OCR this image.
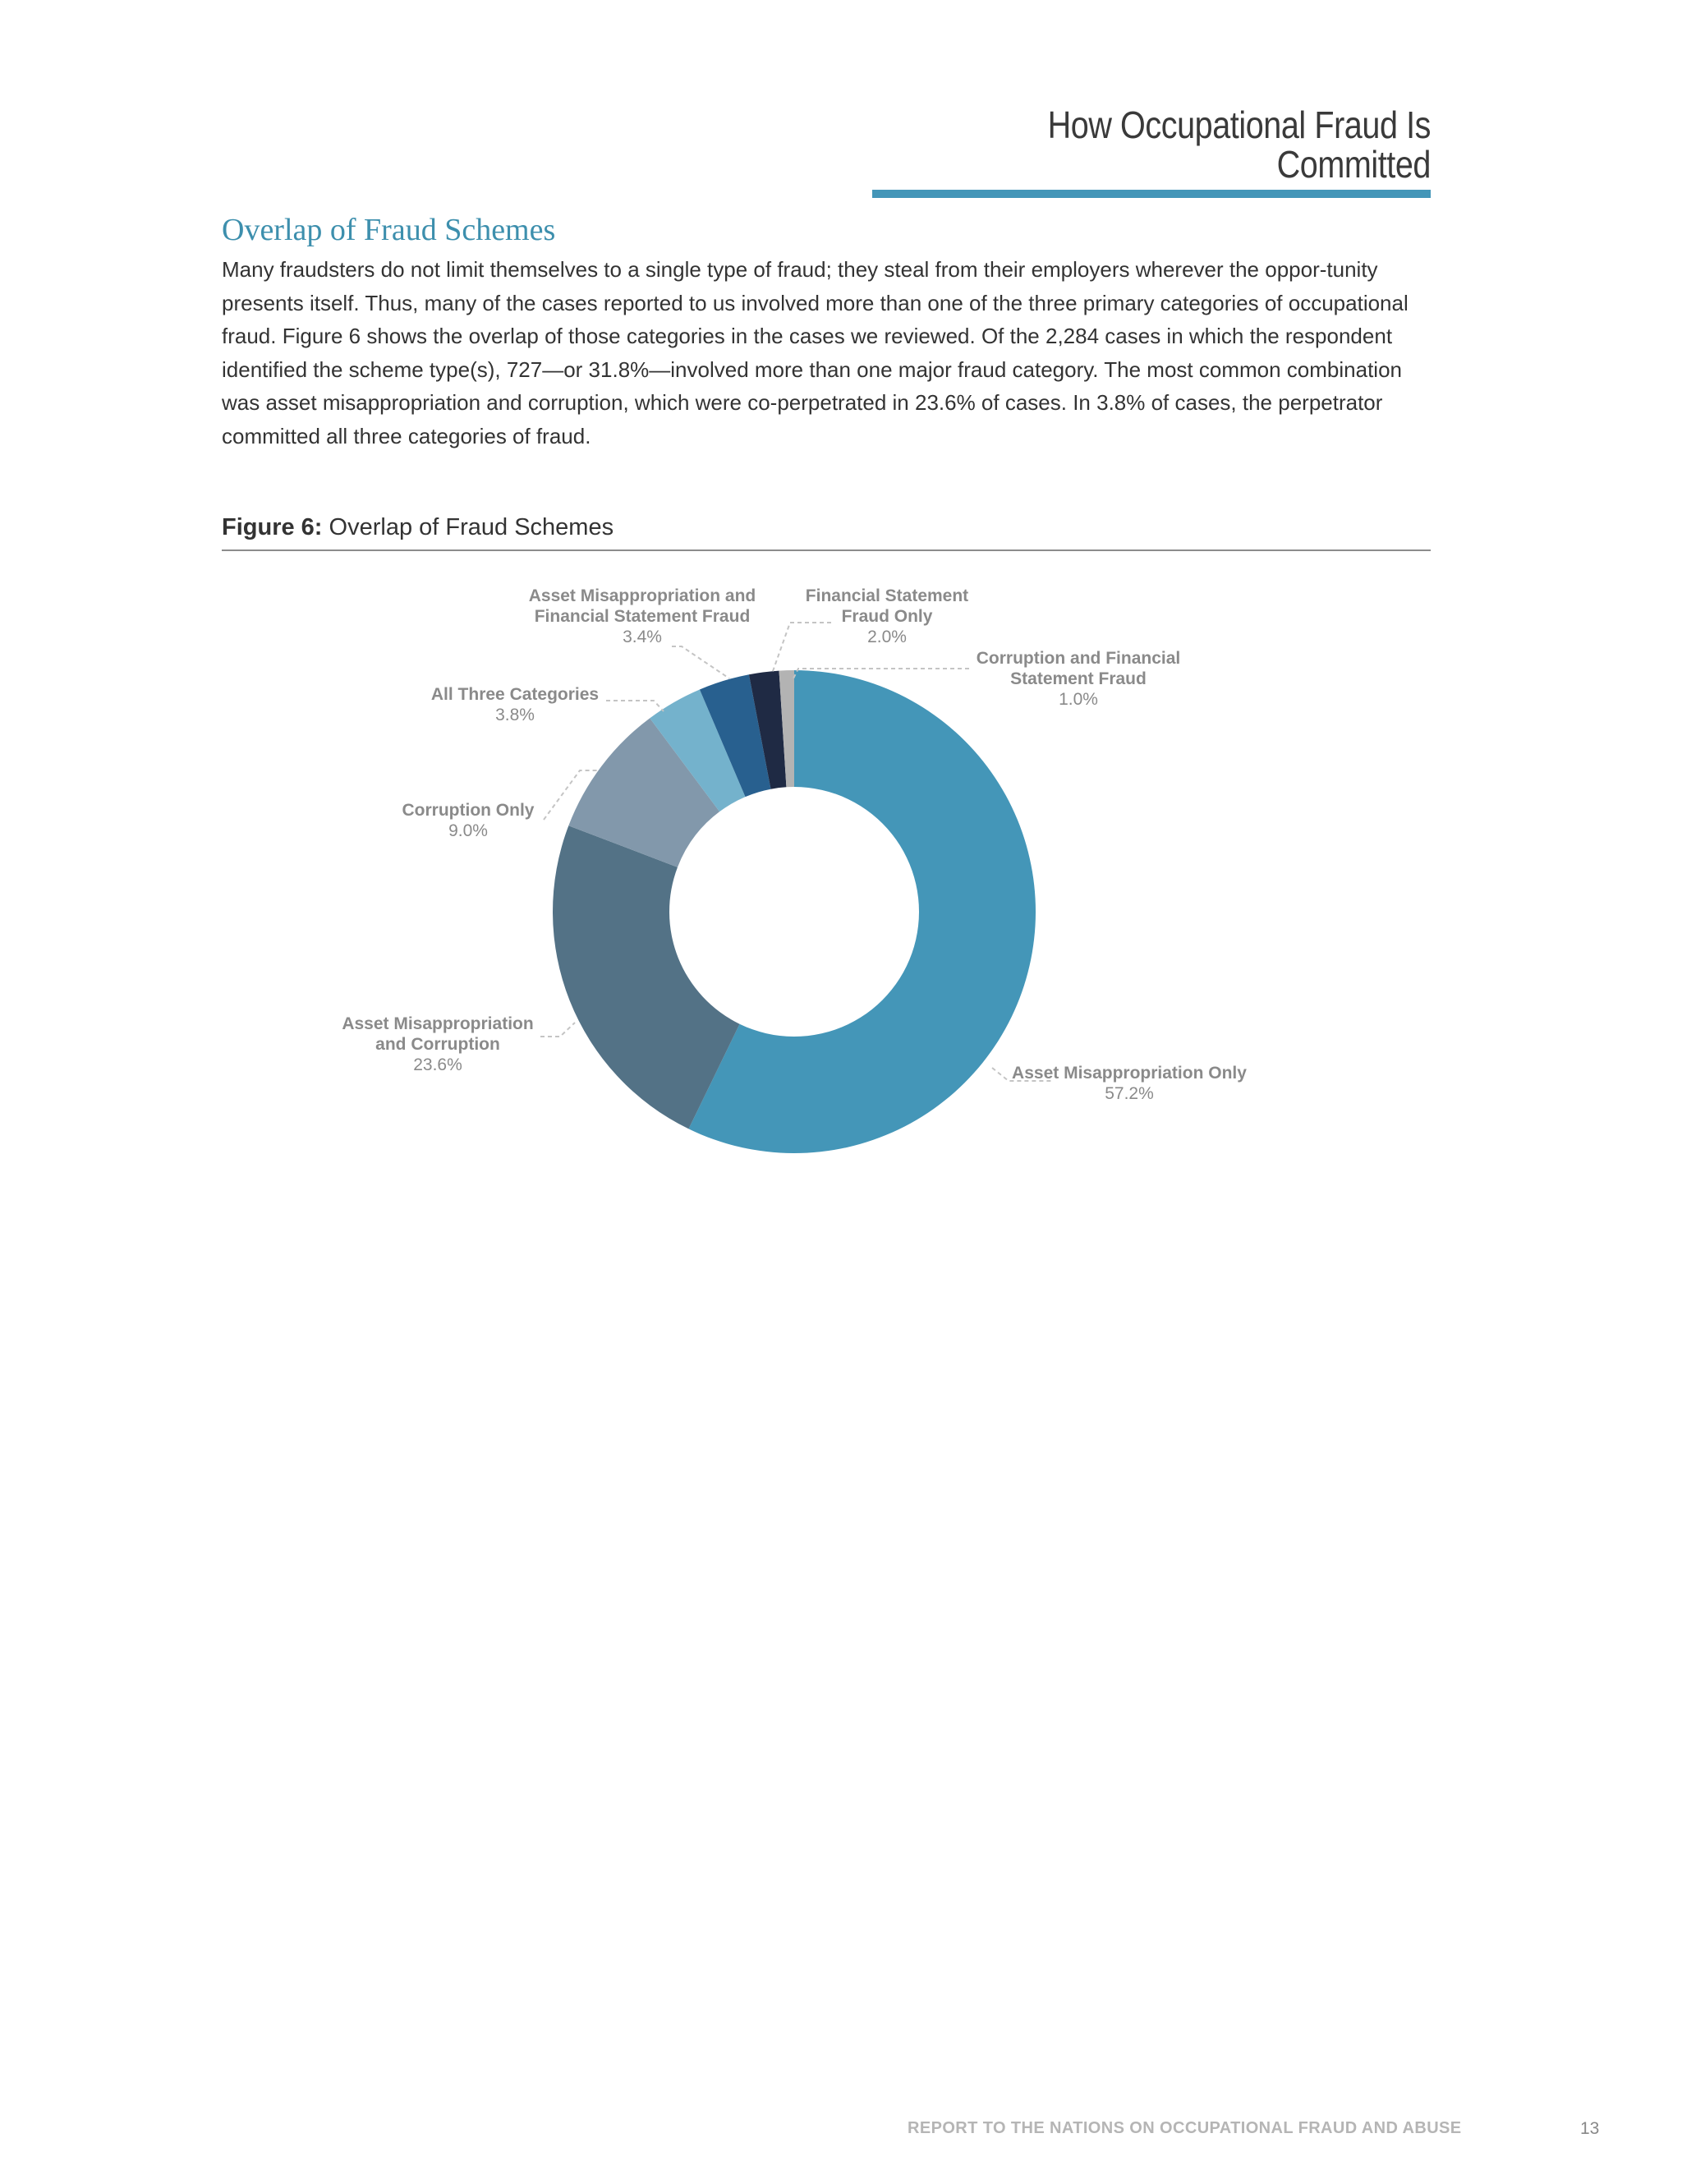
How Occupational Fraud Is Committed
Overlap of Fraud Schemes

Many fraudsters do not limit themselves to a single type of fraud; they steal from their employers wherever the oppor-tunity presents itself. Thus, many of the cases reported to us involved more than one of the three primary categories of occupational fraud. Figure 6 shows the overlap of those categories in the cases we reviewed. Of the 2,284 cases in which the respondent identified the scheme type(s), 727—or 31.8%—involved more than one major fraud category. The most common combination was asset misappropriation and corruption, which were co-perpetrated in 23.6% of cases. In 3.8% of cases, the perpetrator committed all three categories of fraud.

Figure 6: Overlap of Fraud Schemes
Asset Misappropriation Only 57.2%
Asset Misappropriation and Corruption 23.6%
Corruption Only 9.0%
All Three Categories 3.8%
Asset Misappropriation and Financial Statement Fraud 3.4%
Financial Statement Fraud Only 2.0%
Corruption and Financial Statement Fraud 1.0%
REPORT TO THE NATIONS ON OCCUPATIONAL FRAUD AND ABUSE	13
